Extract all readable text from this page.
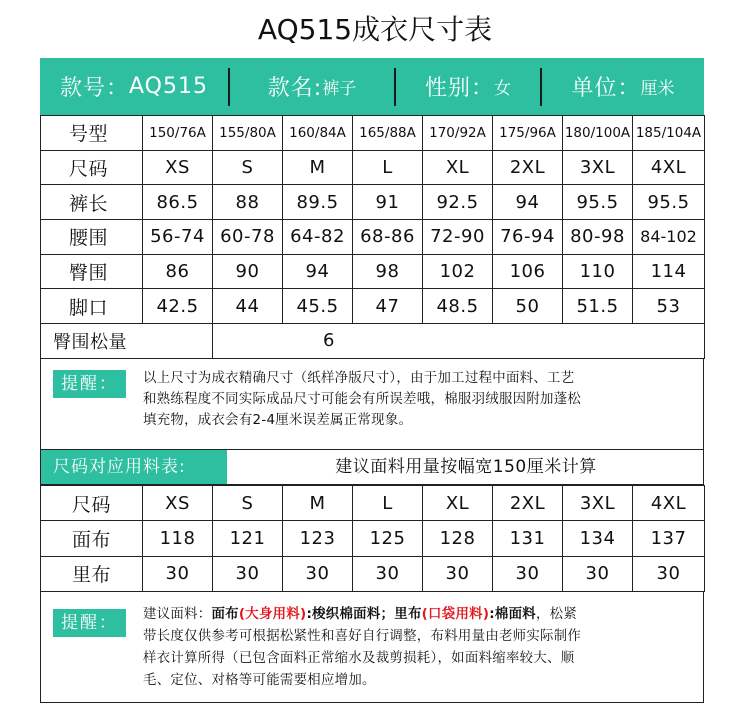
AQ515成衣尺寸表
款号： AQ515	款名: 裤子	性别： 女	单位： 厘米
号型	150/76A	155/80A	160/84A	165/88A	170/92A	175/96A	180/100A	185/104A
尺码	XS	S	M	L	XL	2XL	3XL	4XL
裤长	86.5	88	89.5	91	92.5	94	95.5	95.5
腰围	56-74	60-78	64-82	68-86	72-90	76-94	80-98	84-102
臀围	86	90	94	98	102	106	110	114
脚口	42.5	44	45.5	47	48.5	50	51.5	53
臀围松量		6						
提醒：	以上尺寸为成衣精确尺寸（纸样净版尺寸），由于加工过程中面料、工艺
和熟练程度不同实际成品尺寸可能会有所误差哦，棉服羽绒服因附加蓬松
填充物，成衣会有2-4厘米误差属正常现象。
尺码对应用料表:	建议面料用量按幅宽150厘米计算
尺码	XS	S	M	L	XL	2XL	3XL	4XL
面布	118	121	123	125	128	131	134	137
里布	30	30	30	30	30	30	30	30
提醒：	建议面料：面布(大身用料):梭织棉面料；里布(口袋用料):棉面料，松紧
带长度仅供参考可根据松紧性和喜好自行调整，布料用量由老师实际制作
样衣计算所得（已包含面料正常缩水及裁剪损耗），如面料缩率较大、顺
毛、定位、对格等可能需要相应增加。
